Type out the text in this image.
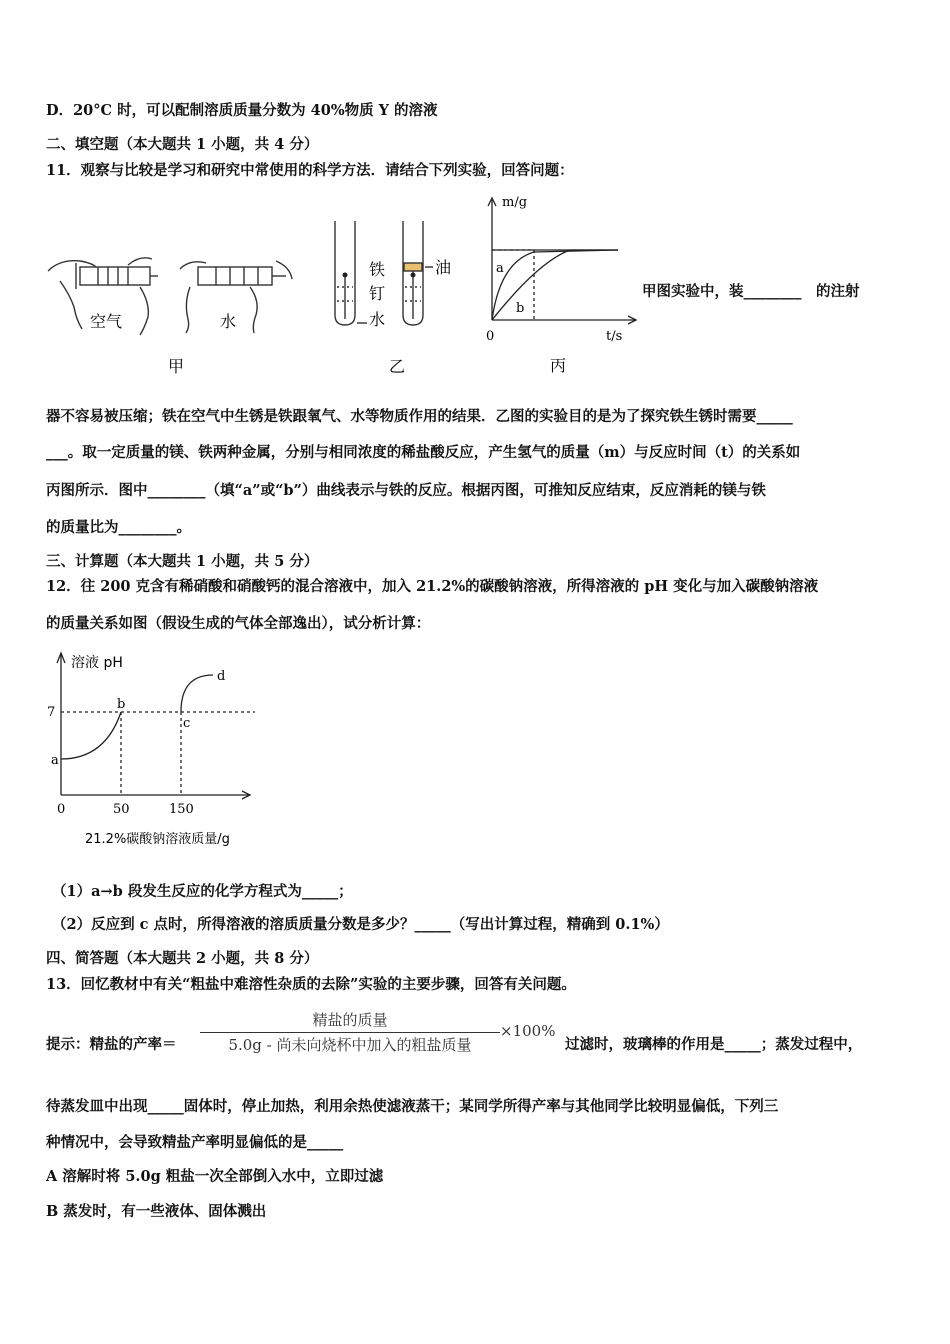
D．20°C 时，可以配制溶质质量分数为 40%物质 Y 的溶液
二、填空题（本大题共 1 小题，共 4 分）
11．观察与比较是学习和研究中常使用的科学方法．请结合下列实验，回答问题：
空气	水
甲
铁
钉
水
油
乙
m/g
t/s
0
a
b
丙
甲图实验中，装________　的注射
器不容易被压缩；铁在空气中生锈是铁跟氧气、水等物质作用的结果．乙图的实验目的是为了探究铁生锈时需要_____
___。取一定质量的镁、铁两种金属，分别与相同浓度的稀盐酸反应，产生氢气的质量（m）与反应时间（t）的关系如
丙图所示．图中________（填“a”或“b”）曲线表示与铁的反应。根据丙图，可推知反应结束，反应消耗的镁与铁
的质量比为________。
三、计算题（本大题共 1 小题，共 5 分）
12．往 200 克含有稀硝酸和硝酸钙的混合溶液中，加入 21.2%的碳酸钠溶液，所得溶液的 pH 变化与加入碳酸钠溶液
的质量关系如图（假设生成的气体全部逸出），试分析计算：
溶液 pH
7
0	50	150
a
b
c
d
21.2%碳酸钠溶液质量/g
（1）a→b 段发生反应的化学方程式为_____；
（2）反应到 c 点时，所得溶液的溶质质量分数是多少？_____（写出计算过程，精确到 0.1%）
四、简答题（本大题共 2 小题，共 8 分）
13．回忆教材中有关“粗盐中难溶性杂质的去除”实验的主要步骤，回答有关问题。
提示：精盐的产率＝
精盐的质量
5.0g - 尚未向烧杯中加入的粗盐质量
×100%
过滤时，玻璃棒的作用是_____；蒸发过程中，
待蒸发皿中出现_____固体时，停止加热，利用余热使滤液蒸干；某同学所得产率与其他同学比较明显偏低，下列三
种情况中，会导致精盐产率明显偏低的是_____
A 溶解时将 5.0g 粗盐一次全部倒入水中，立即过滤
B 蒸发时，有一些液体、固体溅出
